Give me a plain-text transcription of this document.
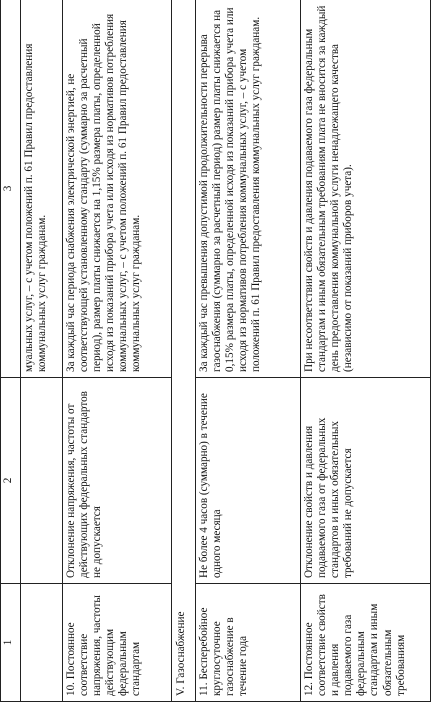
1	2	3
		муальных услуг, – с учетом положений п. 61 Правил предоставления коммунальных услуг гражданам.
10. Постоянное соответствие напряжения, частоты действующим федеральным стандартам	Отклонение напряжения, частоты от действующих федеральных стандартов не допускается	За каждый час периода снабжения электрической энергией, не соответствующей установленному стандарту (суммарно за расчетный период), размер платы снижается на 1,15% размера платы, определенной исходя из показаний прибора учета или исходя из нормативов потребления коммунальных услуг, – с учетом положений п. 61 Правил предоставления коммунальных услуг гражданам.
V. Газоснабжение		
11. Бесперебойное круглосуточное газоснабжение в течение года	Не более 4 часов (суммарно) в течение одного месяца	За каждый час превышения допустимой продолжительности перерыва газоснабжения (суммарно за расчетный период) размер платы снижается на 0,15% размера платы, определенной исходя из показаний прибора учета или исходя из нормативов потребления коммунальных услуг, – с учетом положений п. 61 Правил предоставления коммунальных услуг гражданам.
12. Постоянное соответствие свойств и давления подаваемого газа федеральным стандартам и иным обязательным требованиям	Отклонение свойств и давления подаваемого газа от федеральных стандартов и иных обязательных требований не допускается	При несоответствии свойств и давления подаваемого газа федеральным стандартам и иным обязательным требованиям плата не вносится за каждый день предоставления коммунальной услуги ненадлежащего качества (независимо от показаний приборов учета).
